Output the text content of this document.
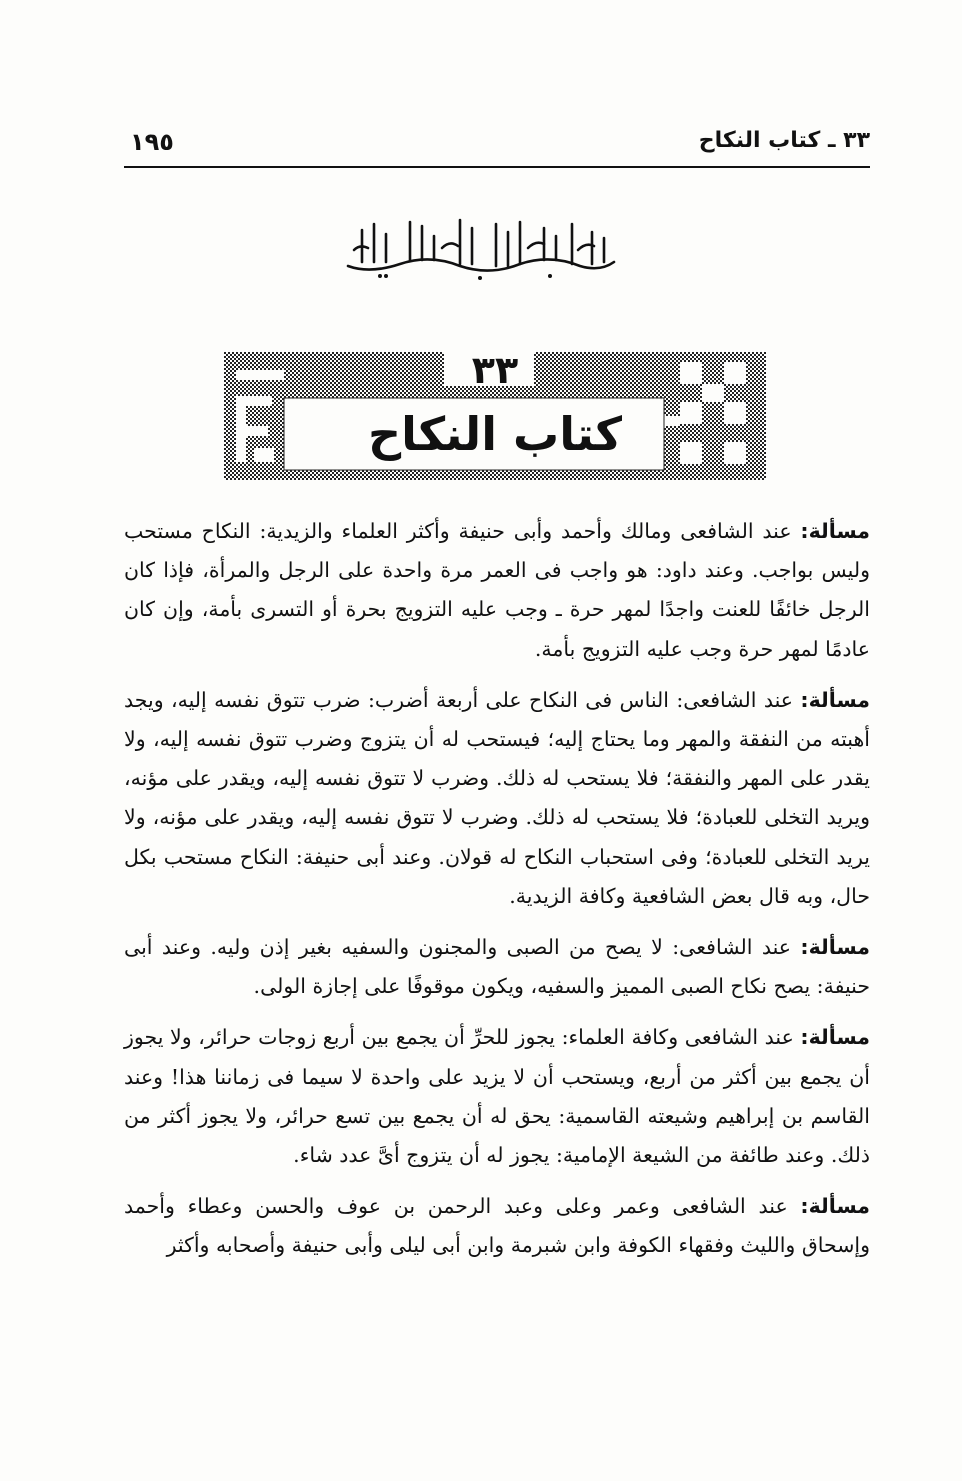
٣٣ ـ كتاب النكاح
١٩٥
٣٣
كتاب النكاح

مسألة: عند الشافعى ومالك وأحمد وأبى حنيفة وأكثر العلماء والزيدية: النكاح مستحب وليس بواجب. وعند داود: هو واجب فى العمر مرة واحدة على الرجل والمرأة، فإذا كان الرجل خائفًا للعنت واجدًا لمهر حرة ـ وجب عليه التزويج بحرة أو التسرى بأمة، وإن كان عادمًا لمهر حرة وجب عليه التزويج بأمة.

مسألة: عند الشافعى: الناس فى النكاح على أربعة أضرب: ضرب تتوق نفسه إليه، ويجد أهبته من النفقة والمهر وما يحتاج إليه؛ فيستحب له أن يتزوج وضرب تتوق نفسه إليه، ولا يقدر على المهر والنفقة؛ فلا يستحب له ذلك. وضرب لا تتوق نفسه إليه، ويقدر على مؤنه، ويريد التخلى للعبادة؛ فلا يستحب له ذلك. وضرب لا تتوق نفسه إليه، ويقدر على مؤنه، ولا يريد التخلى للعبادة؛ وفى استحباب النكاح له قولان. وعند أبى حنيفة: النكاح مستحب بكل حال، وبه قال بعض الشافعية وكافة الزيدية.

مسألة: عند الشافعى: لا يصح من الصبى والمجنون والسفيه بغير إذن وليه. وعند أبى حنيفة: يصح نكاح الصبى المميز والسفيه، ويكون موقوفًا على إجازة الولى.

مسألة: عند الشافعى وكافة العلماء: يجوز للحرِّ أن يجمع بين أربع زوجات حرائر، ولا يجوز أن يجمع بين أكثر من أربع، ويستحب أن لا يزيد على واحدة لا سيما فى زماننا هذا! وعند القاسم بن إبراهيم وشيعته القاسمية: يحق له أن يجمع بين تسع حرائر، ولا يجوز أكثر من ذلك. وعند طائفة من الشيعة الإمامية: يجوز له أن يتزوج أىَّ عدد شاء.

مسألة: عند الشافعى وعمر وعلى وعبد الرحمن بن عوف والحسن وعطاء وأحمد وإسحاق والليث وفقهاء الكوفة وابن شبرمة وابن أبى ليلى وأبى حنيفة وأصحابه وأكثر
